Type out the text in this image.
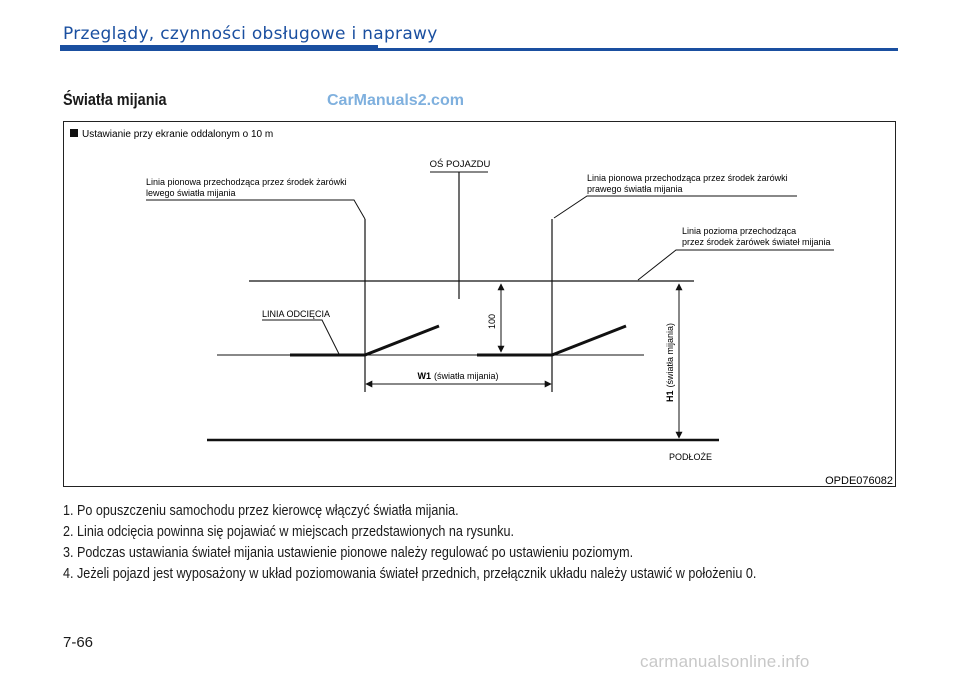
Przeglądy, czynności obsługowe i naprawy
Światła mijania	CarManuals2.com
Ustawianie przy ekranie oddalonym o 10 m
OŚ POJAZDU
Linia pionowa przechodząca przez środek żarówki
lewego światła mijania
Linia pionowa przechodząca przez środek żarówki
prawego światła mijania
Linia pozioma przechodząca
przez środek żarówek świateł mijania
100
LINIA ODCIĘCIA
W1 (światła mijania)
H1(światła mijania)
PODŁOŻE
OPDE076082
1. Po opuszczeniu samochodu przez kierowcę włączyć światła mijania.
2. Linia odcięcia powinna się pojawiać w miejscach przedstawionych na rysunku.
3. Podczas ustawiania świateł mijania ustawienie pionowe należy regulować po ustawieniu poziomym.
4. Jeżeli pojazd jest wyposażony w układ poziomowania świateł przednich, przełącznik układu należy ustawić w położeniu 0.
7-66
carmanualsonline.info
